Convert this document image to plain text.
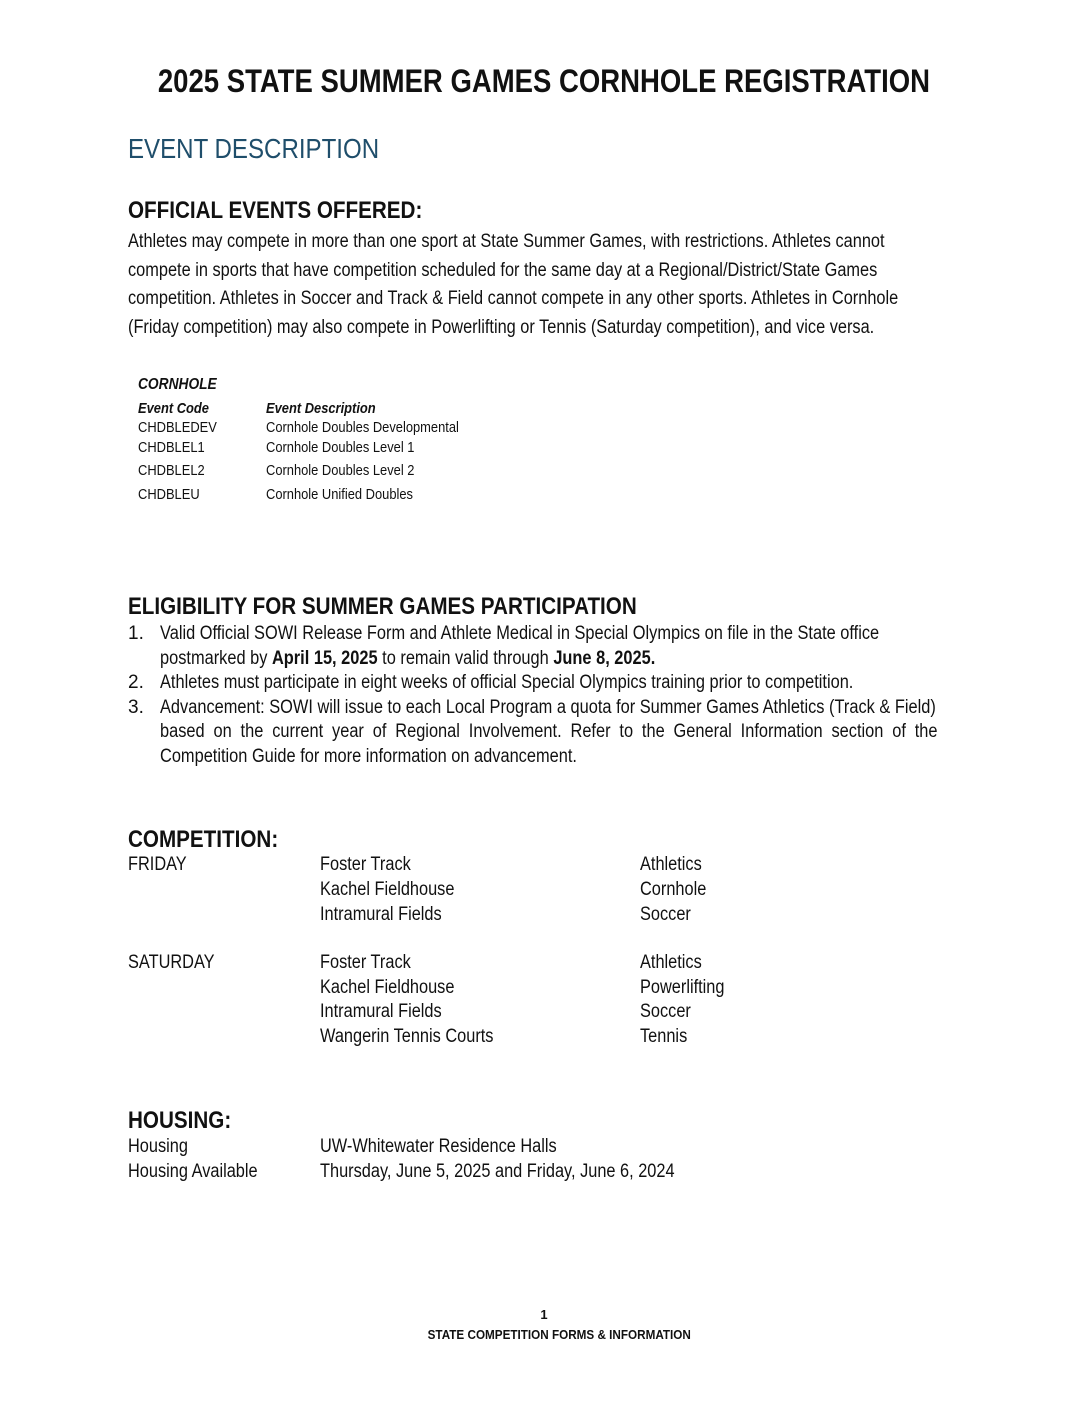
2025 STATE SUMMER GAMES CORNHOLE REGISTRATION
EVENT DESCRIPTION
OFFICIAL EVENTS OFFERED:
Athletes may compete in more than one sport at State Summer Games, with restrictions. Athletes cannot
compete in sports that have competition scheduled for the same day at a Regional/District/State Games
competition. Athletes in Soccer and Track & Field cannot compete in any other sports. Athletes in Cornhole
(Friday competition) may also compete in Powerlifting or Tennis (Saturday competition), and vice versa.
CORNHOLE
Event Code	Event Description
CHDBLEDEV	Cornhole Doubles Developmental
CHDBLEL1	Cornhole Doubles Level 1
CHDBLEL2	Cornhole Doubles Level 2
CHDBLEU	Cornhole Unified Doubles
ELIGIBILITY FOR SUMMER GAMES PARTICIPATION
1. Valid Official SOWI Release Form and Athlete Medical in Special Olympics on file in the State office
postmarked by April 15, 2025 to remain valid through June 8, 2025.
2. Athletes must participate in eight weeks of official Special Olympics training prior to competition.
3. Advancement: SOWI will issue to each Local Program a quota for Summer Games Athletics (Track & Field)
based on the current year of Regional Involvement. Refer to the General Information section of the
Competition Guide for more information on advancement.
COMPETITION:
FRIDAY	Foster Track	Athletics
Kachel Fieldhouse	Cornhole
Intramural Fields	Soccer
SATURDAY	Foster Track	Athletics
Kachel Fieldhouse	Powerlifting
Intramural Fields	Soccer
Wangerin Tennis Courts	Tennis
HOUSING:
Housing	UW-Whitewater Residence Halls
Housing Available	Thursday, June 5, 2025 and Friday, June 6, 2024
1
STATE COMPETITION FORMS & INFORMATION
